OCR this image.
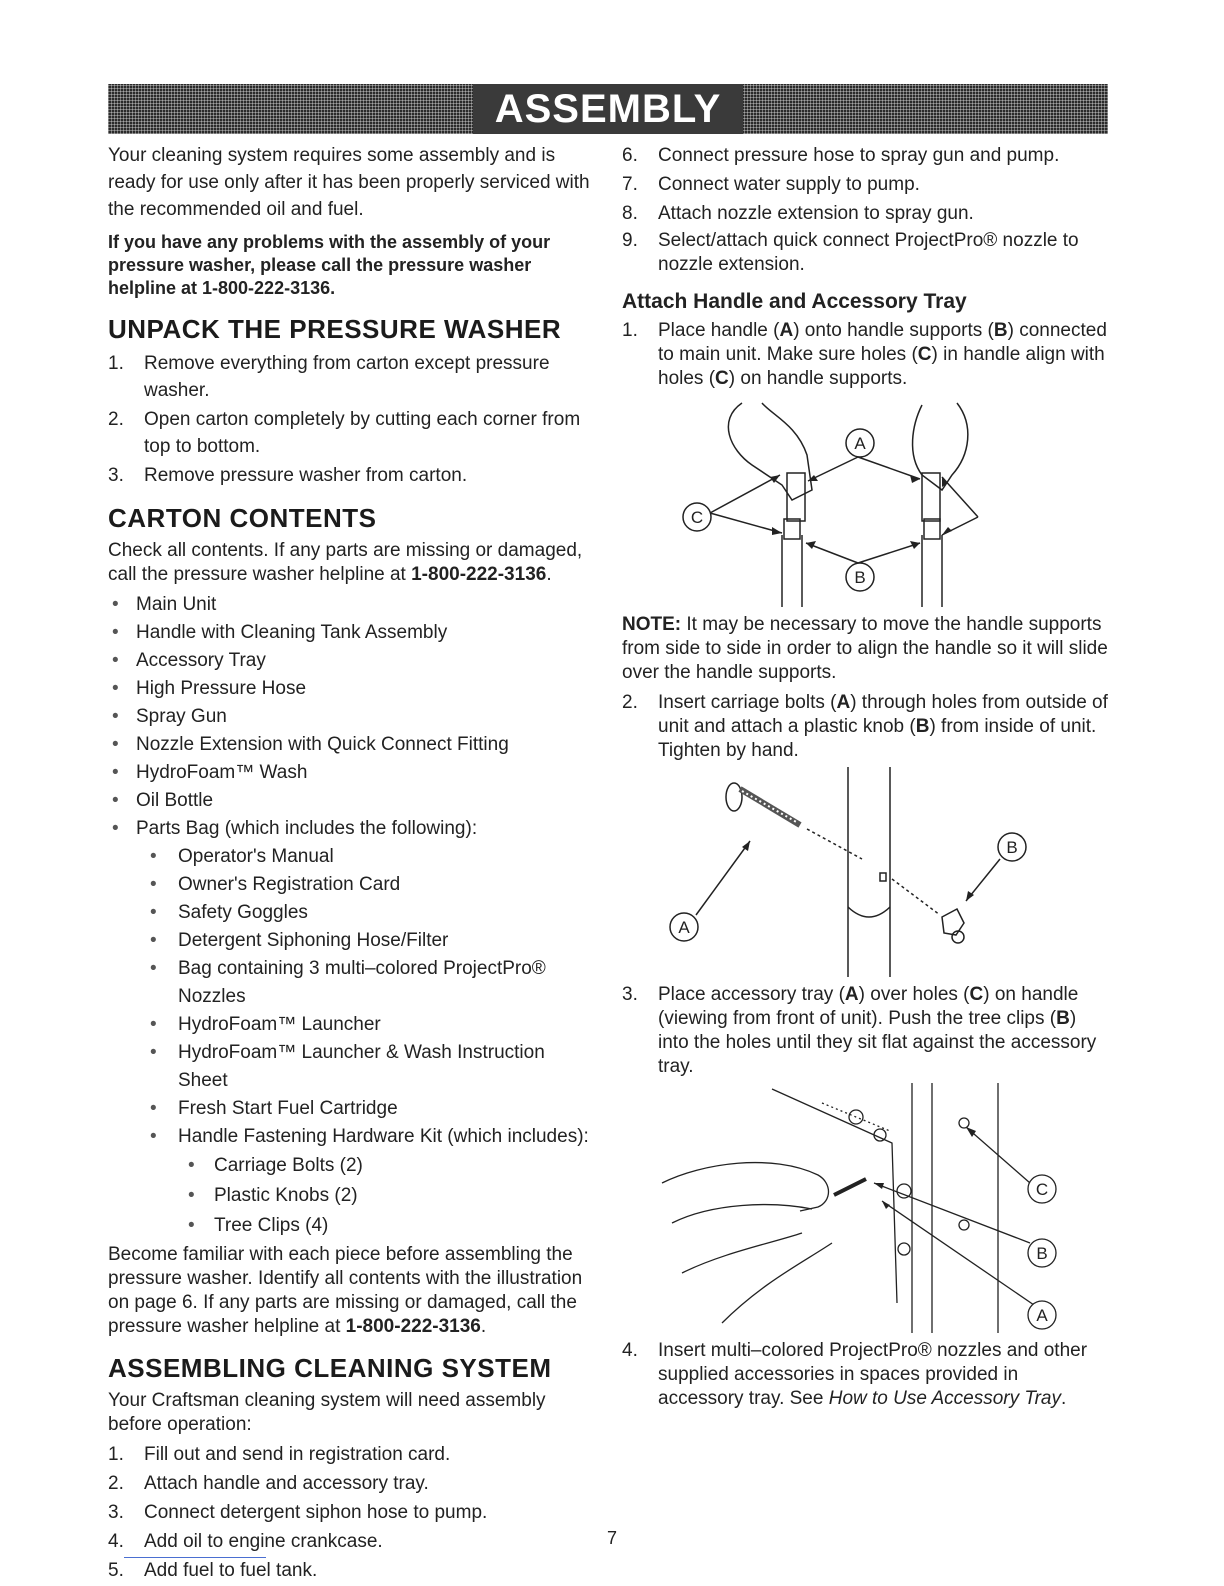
ASSEMBLY

Your cleaning system requires some assembly and is ready for use only after it has been properly serviced with the recommended oil and fuel.

If you have any problems with the assembly of your pressure washer, please call the pressure washer helpline at 1-800-222-3136.

UNPACK THE PRESSURE WASHER
1. Remove everything from carton except pressure washer.
2. Open carton completely by cutting each corner from top to bottom.
3. Remove pressure washer from carton.
CARTON CONTENTS

Check all contents. If any parts are missing or damaged, call the pressure washer helpline at 1-800-222-3136.

• Main Unit
• Handle with Cleaning Tank Assembly
• Accessory Tray
• High Pressure Hose
• Spray Gun
• Nozzle Extension with Quick Connect Fitting
• HydroFoam™ Wash
• Oil Bottle
• Parts Bag (which includes the following):
• Operator's Manual
• Owner's Registration Card
• Safety Goggles
• Detergent Siphoning Hose/Filter
• Bag containing 3 multi–colored ProjectPro® Nozzles
• HydroFoam™ Launcher
• HydroFoam™ Launcher & Wash Instruction Sheet
• Fresh Start Fuel Cartridge
• Handle Fastening Hardware Kit (which includes):
• Carriage Bolts (2)
• Plastic Knobs (2)
• Tree Clips (4)

Become familiar with each piece before assembling the pressure washer. Identify all contents with the illustration on page 6. If any parts are missing or damaged, call the pressure washer helpline at 1-800-222-3136.

ASSEMBLING CLEANING SYSTEM

Your Craftsman cleaning system will need assembly before operation:

1. Fill out and send in registration card.
2. Attach handle and accessory tray.
3. Connect detergent siphon hose to pump.
4. Add oil to engine crankcase.
5. Add fuel to fuel tank.
6. Connect pressure hose to spray gun and pump.
7. Connect water supply to pump.
8. Attach nozzle extension to spray gun.
9. Select/attach quick connect ProjectPro® nozzle to nozzle extension.
Attach Handle and Accessory Tray
1. Place handle (A) onto handle supports (B) connected to main unit. Make sure holes (C) in handle align with holes (C) on handle supports.
C
A
B

NOTE: It may be necessary to move the handle supports from side to side in order to align the handle so it will slide over the handle supports.

2. Insert carriage bolts (A) through holes from outside of unit and attach a plastic knob (B) from inside of unit. Tighten by hand.
A
B
3. Place accessory tray (A) over holes (C) on handle (viewing from front of unit). Push the tree clips (B) into the holes until they sit flat against the accessory tray.
C
B
A
4. Insert multi–colored ProjectPro® nozzles and other supplied accessories in spaces provided in accessory tray. See How to Use Accessory Tray.
7
